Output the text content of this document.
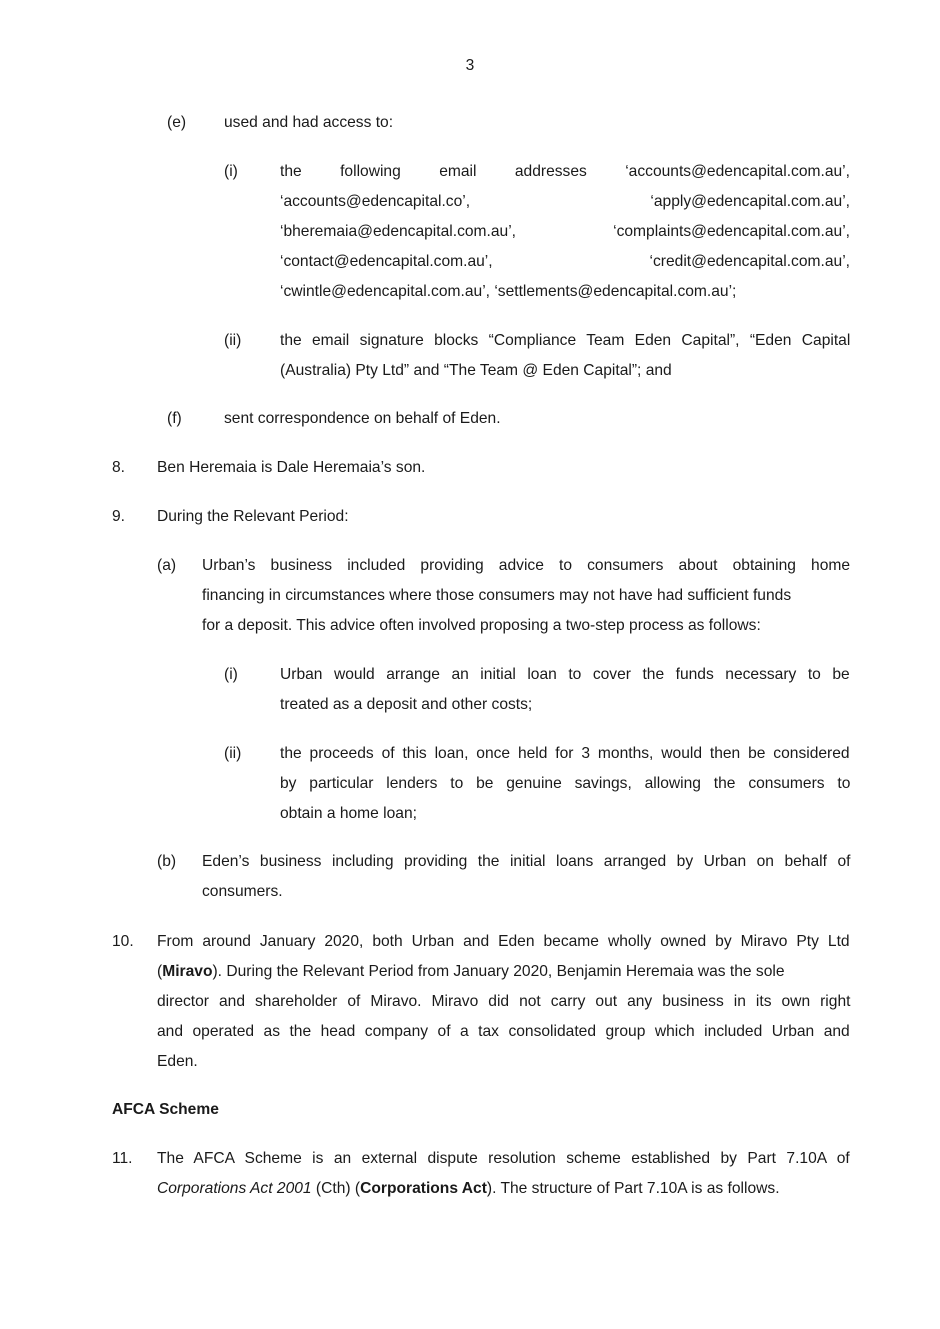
3
(e) used and had access to:
(i)	the following email addresses ‘accounts@edencapital.com.au’,
‘accounts@edencapital.co’,	‘apply@edencapital.com.au’,
‘bheremaia@edencapital.com.au’,	‘complaints@edencapital.com.au’,
‘contact@edencapital.com.au’,	‘credit@edencapital.com.au’,
‘cwintle@edencapital.com.au’, ‘settlements@edencapital.com.au’;
(ii) the email signature blocks “Compliance Team Eden Capital”, “Eden Capital
(Australia) Pty Ltd” and “The Team @ Eden Capital”; and
(f)	sent correspondence on behalf of Eden.
8. Ben Heremaia is Dale Heremaia’s son.
9. During the Relevant Period:
(a) Urban’s business included providing advice to consumers about obtaining home
financing in circumstances where those consumers may not have had sufficient funds
for a deposit. This advice often involved proposing a two-step process as follows:
(i)	Urban would arrange an initial loan to cover the funds necessary to be
treated as a deposit and other costs;
(ii) the proceeds of this loan, once held for 3 months, would then be considered
by particular lenders to be genuine savings, allowing the consumers to
obtain a home loan;
(b) Eden’s business including providing the initial loans arranged by Urban on behalf of
consumers.
10. From around January 2020, both Urban and Eden became wholly owned by Miravo Pty Ltd
(Miravo). During the Relevant Period from January 2020, Benjamin Heremaia was the sole
director and shareholder of Miravo. Miravo did not carry out any business in its own right
and operated as the head company of a tax consolidated group which included Urban and
Eden.
AFCA Scheme
11. The AFCA Scheme is an external dispute resolution scheme established by Part 7.10A of
Corporations Act 2001 (Cth) (Corporations Act). The structure of Part 7.10A is as follows.
